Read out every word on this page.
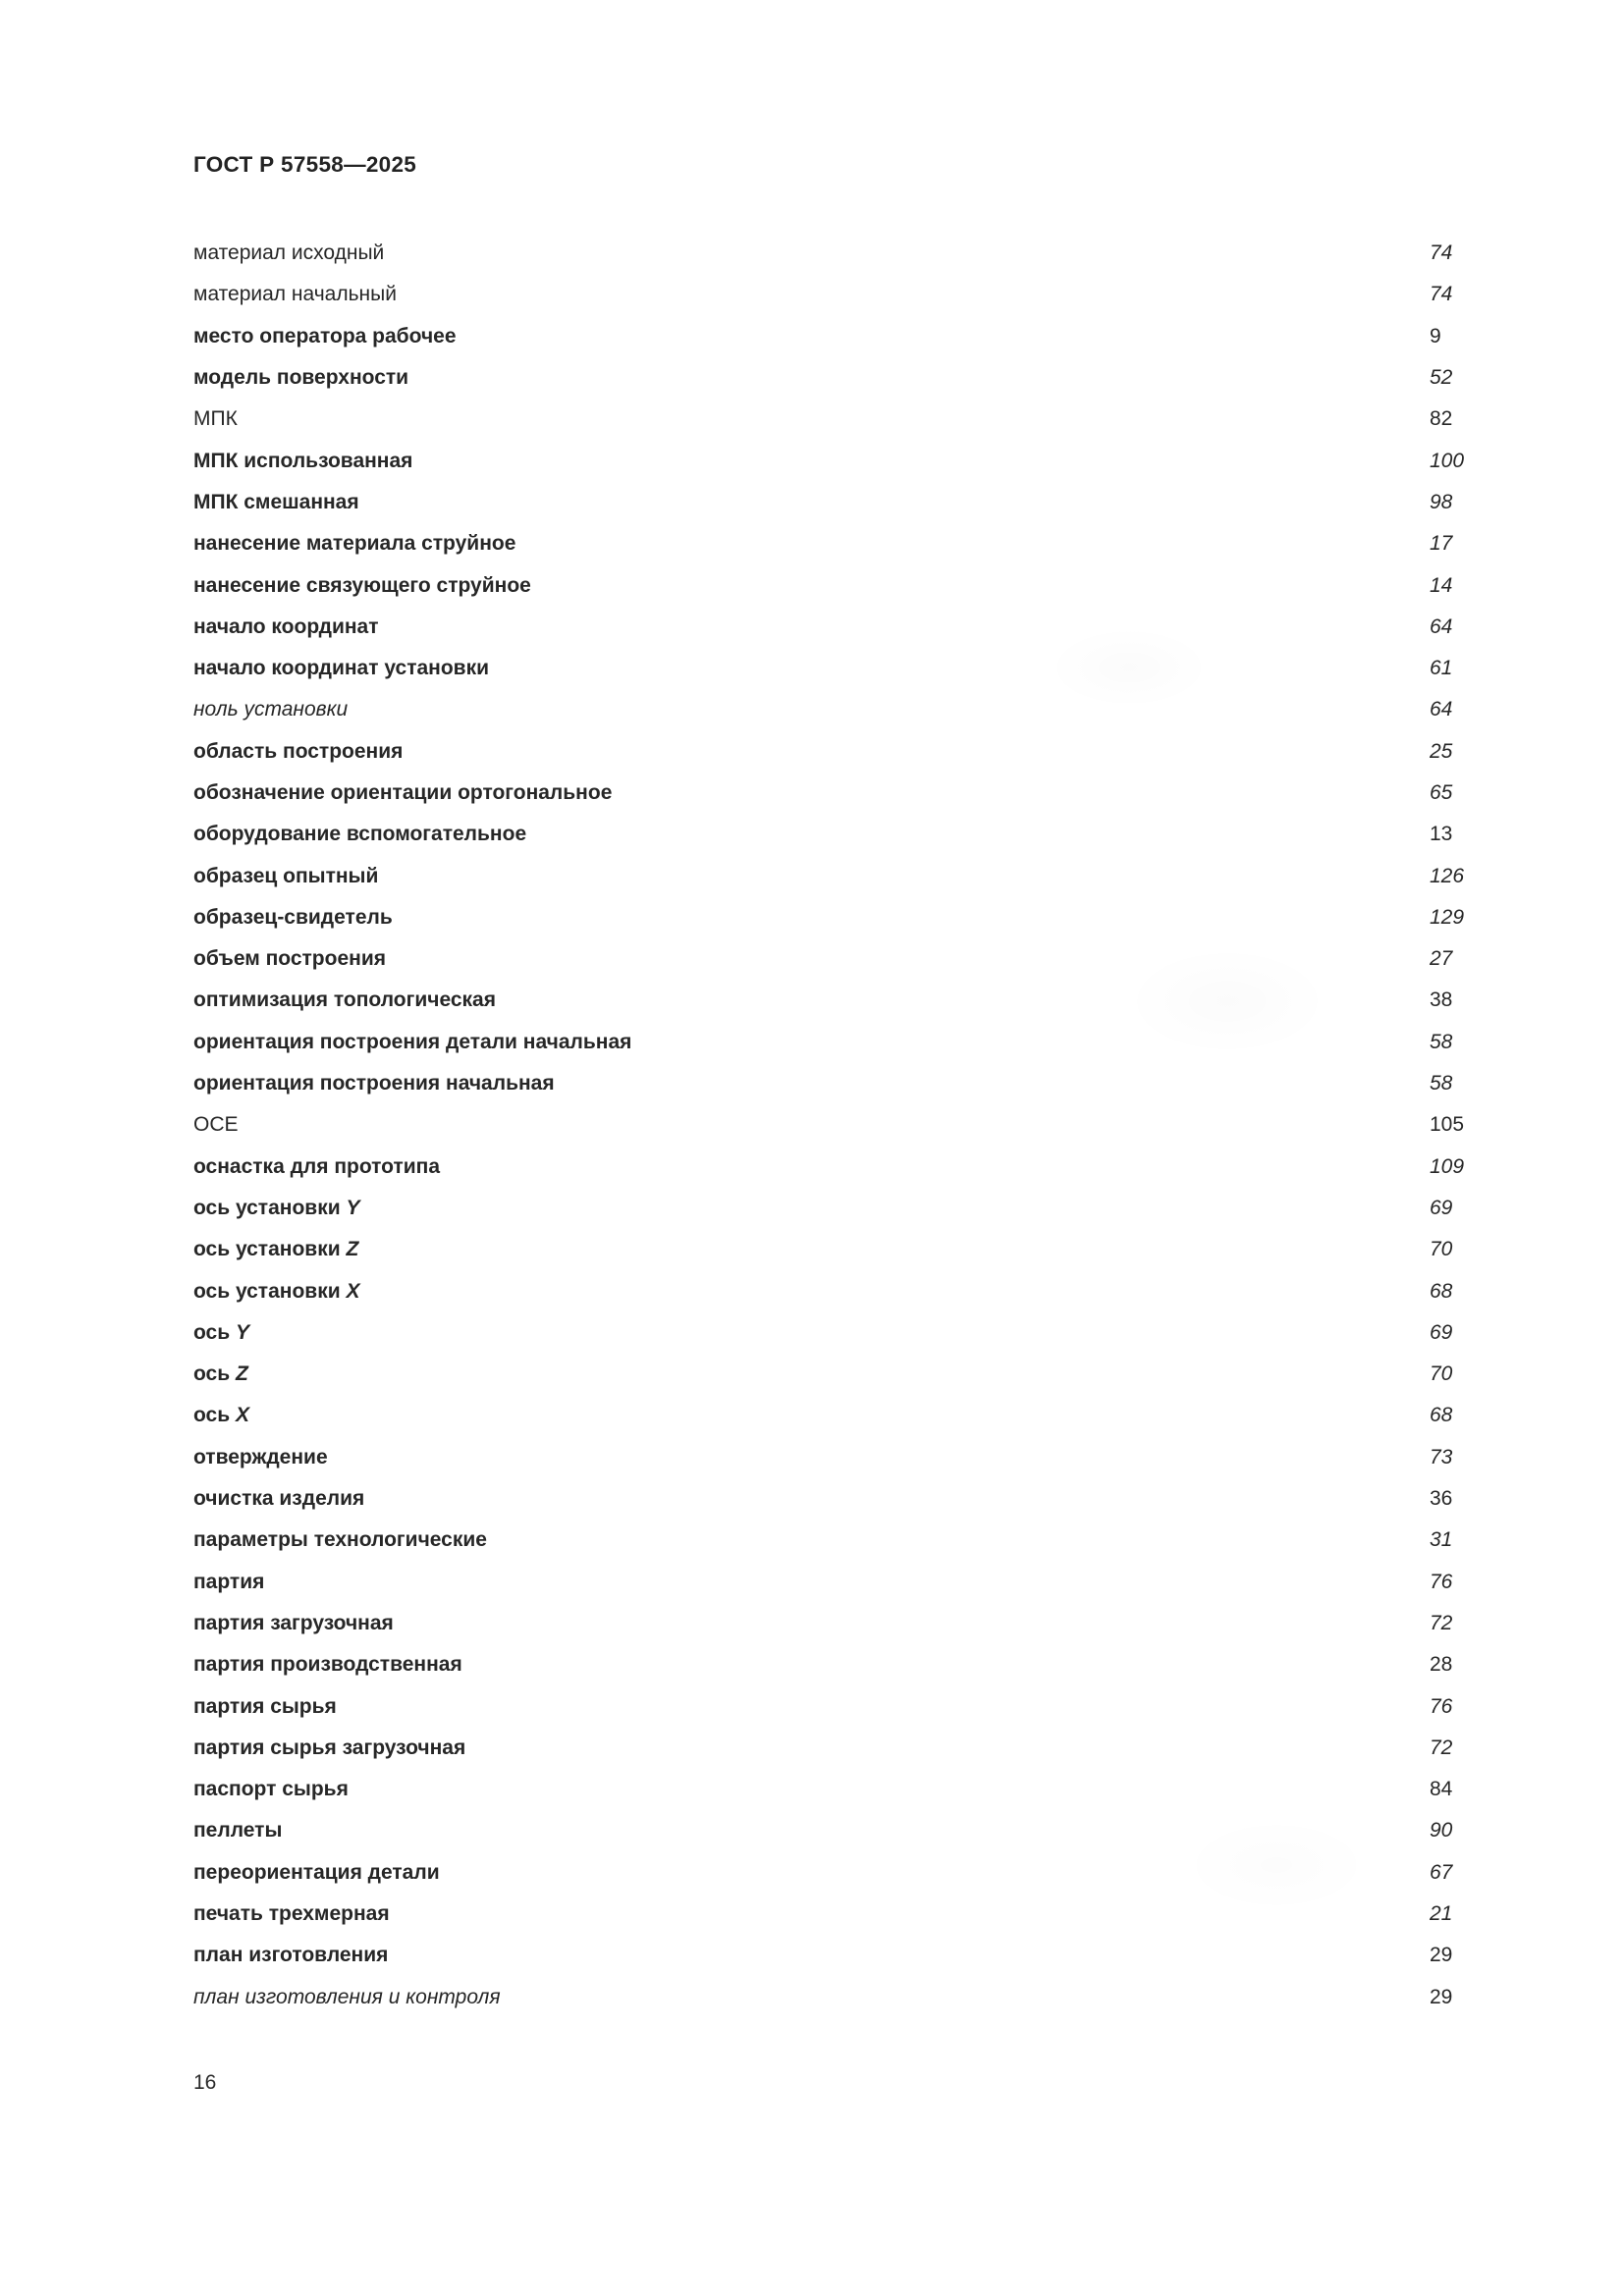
ГОСТ Р 57558—2025
материал исходный	74
материал начальный	74
место оператора рабочее	9
модель поверхности	52
МПК	82
МПК использованная	100
МПК смешанная	98
нанесение материала струйное	17
нанесение связующего струйное	14
начало координат	64
начало координат установки	61
ноль установки	64
область построения	25
обозначение ориентации ортогональное	65
оборудование вспомогательное	13
образец опытный	126
образец-свидетель	129
объем построения	27
оптимизация топологическая	38
ориентация построения детали начальная	58
ориентация построения начальная	58
ОСЕ	105
оснастка для прототипа	109
ось установки Y	69
ось установки Z	70
ось установки X	68
ось Y	69
ось Z	70
ось X	68
отверждение	73
очистка изделия	36
параметры технологические	31
партия	76
партия загрузочная	72
партия производственная	28
партия сырья	76
партия сырья загрузочная	72
паспорт сырья	84
пеллеты	90
переориентация детали	67
печать трехмерная	21
план изготовления	29
план изготовления и контроля	29
16
